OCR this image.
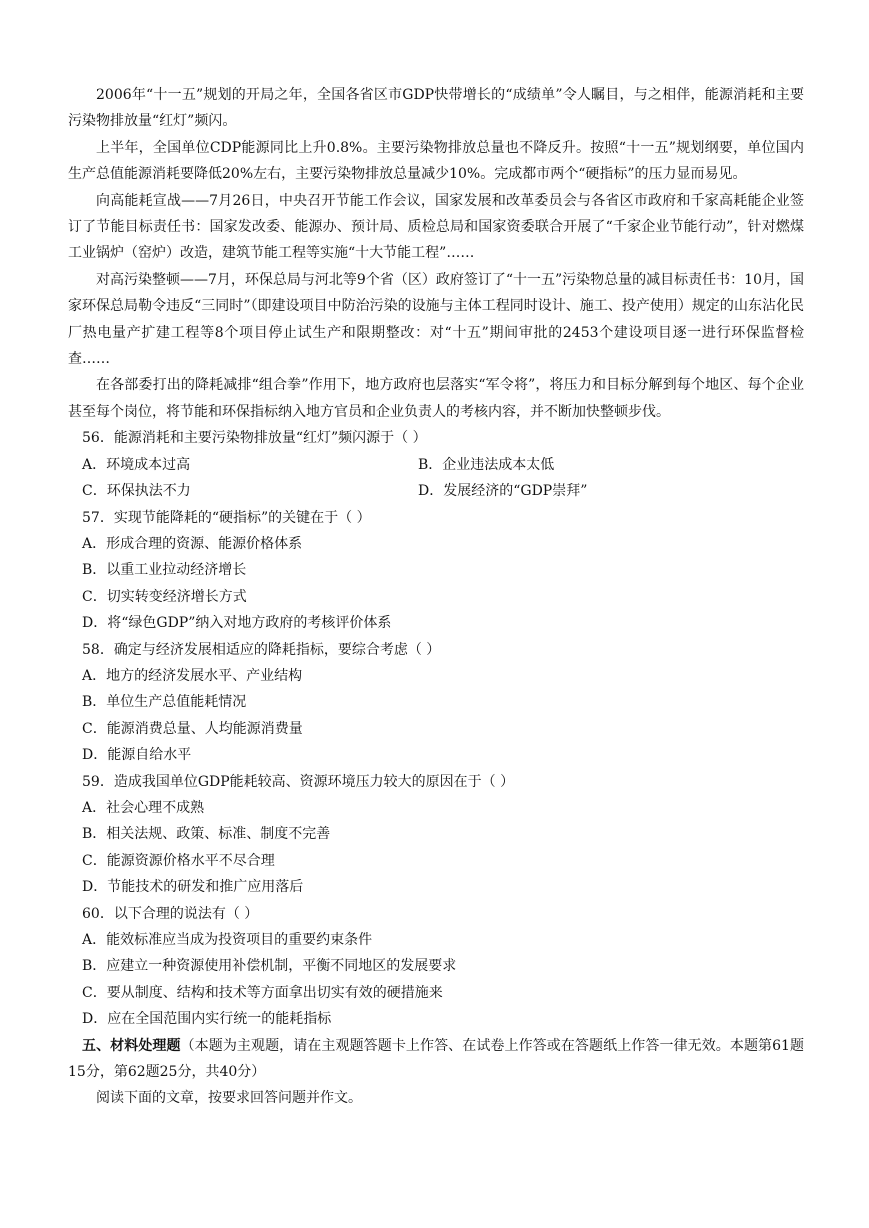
2006年“十一五”规划的开局之年，全国各省区市GDP快带增长的“成绩单”令人瞩目，与之相伴，能源消耗和主要污染物排放量“红灯”频闪。

上半年，全国单位CDP能源同比上升0.8%。主要污染物排放总量也不降反升。按照“十一五”规划纲要，单位国内生产总值能源消耗要降低20%左右，主要污染物排放总量减少10%。完成都市两个“硬指标”的压力显而易见。

向高能耗宣战——7月26日，中央召开节能工作会议，国家发展和改革委员会与各省区市政府和千家高耗能企业签订了节能目标责任书：国家发改委、能源办、预计局、质检总局和国家资委联合开展了“千家企业节能行动”，针对燃煤工业锅炉（窑炉）改造，建筑节能工程等实施“十大节能工程”……

对高污染整顿——7月，环保总局与河北等9个省（区）政府签订了“十一五”污染物总量的减目标责任书：10月，国家环保总局勒令违反“三同时”（即建设项目中防治污染的设施与主体工程同时设计、施工、投产使用）规定的山东沾化民厂热电量产扩建工程等8个项目停止试生产和限期整改：对“十五”期间审批的2453个建设项目逐一进行环保监督检查……

在各部委打出的降耗减排“组合拳”作用下，地方政府也层落实“军令将”，将压力和目标分解到每个地区、每个企业甚至每个岗位，将节能和环保指标纳入地方官员和企业负责人的考核内容，并不断加快整顿步伐。

56．能源消耗和主要污染物排放量“红灯”频闪源于（ ）

A．环境成本过高	B．企业违法成本太低
C．环保执法不力	D．发展经济的“GDP崇拜”

57．实现节能降耗的“硬指标”的关键在于（ ）

A．形成合理的资源、能源价格体系

B．以重工业拉动经济增长

C．切实转变经济增长方式

D．将“绿色GDP”纳入对地方政府的考核评价体系

58．确定与经济发展相适应的降耗指标，要综合考虑（ ）

A．地方的经济发展水平、产业结构

B．单位生产总值能耗情况

C．能源消费总量、人均能源消费量

D．能源自给水平

59．造成我国单位GDP能耗较高、资源环境压力较大的原因在于（ ）

A．社会心理不成熟

B．相关法规、政策、标准、制度不完善

C．能源资源价格水平不尽合理

D．节能技术的研发和推广应用落后

60．以下合理的说法有（ ）

A．能效标准应当成为投资项目的重要约束条件

B．应建立一种资源使用补偿机制，平衡不同地区的发展要求

C．要从制度、结构和技术等方面拿出切实有效的硬措施来

D．应在全国范围内实行统一的能耗指标

五、材料处理题（本题为主观题，请在主观题答题卡上作答、在试卷上作答或在答题纸上作答一律无效。本题第61题15分，第62题25分，共40分）

阅读下面的文章，按要求回答问题并作文。
